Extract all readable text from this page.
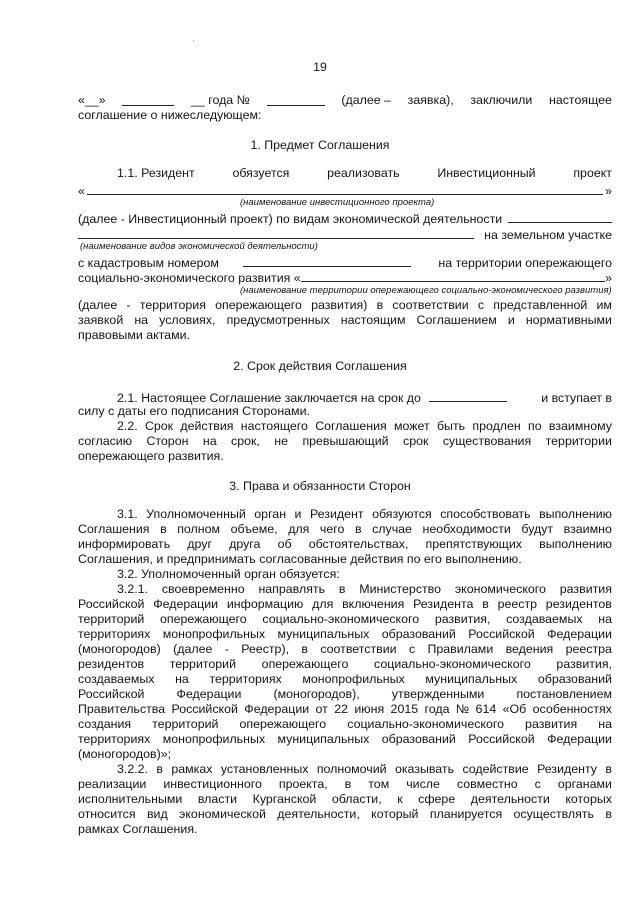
19
«__»	__ года №	(далее – заявка), заключили настоящее
соглашение о нижеследующем:
1. Предмет Соглашения
1.1. Резидент	обязуется	реализовать	Инвестиционный	проект
«	»
(наименование инвестиционного проекта)
(далее - Инвестиционный проект) по видам экономической деятельности
на земельном участке
(наименование видов экономической деятельности)
с кадастровым номером	на территории опережающего
социально-экономического развития «	»
(наименование территории опережающего социально-экономического развития)
(далее - территория опережающего развития) в соответствии с представленной им
заявкой на условиях, предусмотренных настоящим Соглашением и нормативными
правовыми актами.
2. Срок действия Соглашения
2.1. Настоящее Соглашение заключается на срок до	и вступает в
силу с даты его подписания Сторонами.
2.2. Срок действия настоящего Соглашения может быть продлен по взаимному
согласию Сторон на срок, не превышающий срок существования территории
опережающего развития.
3. Права и обязанности Сторон
3.1. Уполномоченный орган и Резидент обязуются способствовать выполнению
Соглашения в полном объеме, для чего в случае необходимости будут взаимно
информировать друг друга об обстоятельствах, препятствующих выполнению
Соглашения, и предпринимать согласованные действия по его выполнению.
3.2. Уполномоченный орган обязуется:
3.2.1. своевременно направлять в Министерство экономического развития
Российской Федерации информацию для включения Резидента в реестр резидентов
территорий опережающего социально-экономического развития, создаваемых на
территориях монопрофильных муниципальных образований Российской Федерации
(моногородов) (далее - Реестр), в соответствии с Правилами ведения реестра
резидентов территорий опережающего социально-экономического развития,
создаваемых на территориях монопрофильных муниципальных образований
Российской	Федерации	(моногородов),	утвержденными	постановлением
Правительства Российской Федерации от 22 июня 2015 года № 614 «Об особенностях
создания территорий опережающего социально-экономического развития на
территориях монопрофильных муниципальных образований Российской Федерации
(моногородов)»;
3.2.2. в рамках установленных полномочий оказывать содействие Резиденту в
реализации инвестиционного проекта, в том числе совместно с органами
исполнительными власти Курганской области, к сфере деятельности которых
относится вид экономической деятельности, который планируется осуществлять в
рамках Соглашения.
